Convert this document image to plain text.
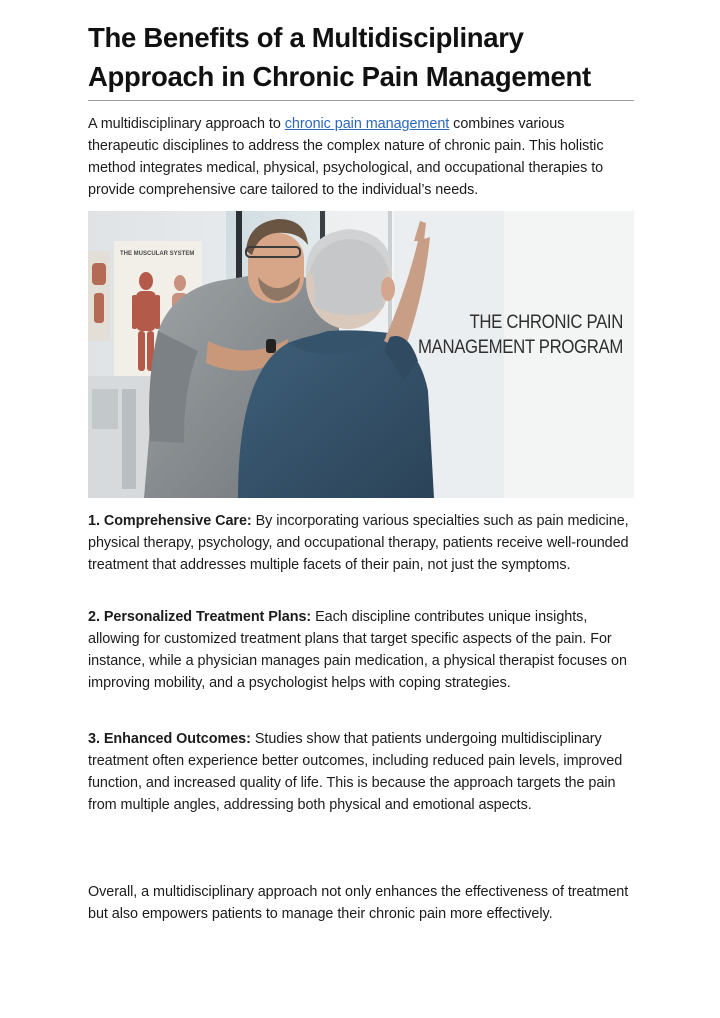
The Benefits of a Multidisciplinary
Approach in Chronic Pain Management

A multidisciplinary approach to chronic pain management combines various therapeutic disciplines to address the complex nature of chronic pain. This holistic method integrates medical, physical, psychological, and occupational therapies to provide comprehensive care tailored to the individual’s needs.

THE MUSCULAR SYSTEM
THE CHRONIC PAIN
MANAGEMENT PROGRAM

1. Comprehensive Care: By incorporating various specialties such as pain medicine, physical therapy, psychology, and occupational therapy, patients receive well-rounded treatment that addresses multiple facets of their pain, not just the symptoms.

2. Personalized Treatment Plans: Each discipline contributes unique insights, allowing for customized treatment plans that target specific aspects of the pain. For instance, while a physician manages pain medication, a physical therapist focuses on improving mobility, and a psychologist helps with coping strategies.

3. Enhanced Outcomes: Studies show that patients undergoing multidisciplinary treatment often experience better outcomes, including reduced pain levels, improved function, and increased quality of life. This is because the approach targets the pain from multiple angles, addressing both physical and emotional aspects.

Overall, a multidisciplinary approach not only enhances the effectiveness of treatment but also empowers patients to manage their chronic pain more effectively.
